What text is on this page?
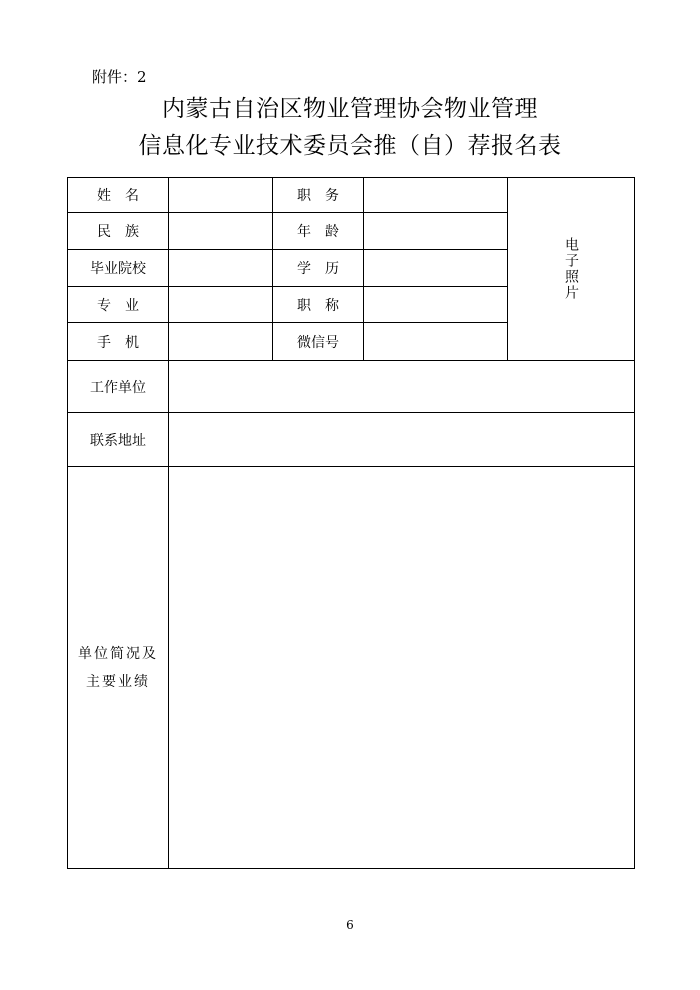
附件：2
内蒙古自治区物业管理协会物业管理
信息化专业技术委员会推（自）荐报名表
姓　名		职　务		电子照片
民　族		年　龄		
毕业院校		学　历		
专　业		职　称		
手　机		微信号		
工作单位				
联系地址				
单位简况及
主要业绩				
6
